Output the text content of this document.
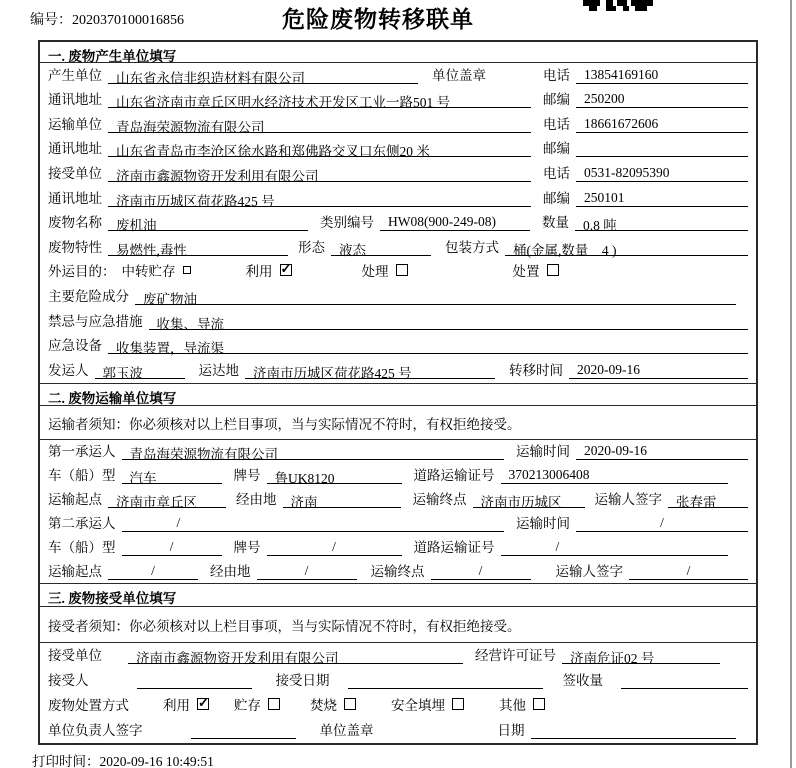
编号：2020370100016856	危险废物转移联单
一. 废物产生单位填写
产生单位	山东省永信非织造材料有限公司	单位盖章	电话	13854169160
通讯地址	山东省济南市章丘区明水经济技术开发区工业一路501 号	邮编	250200
运输单位	青岛海荣源物流有限公司	电话	18661672606
通讯地址	山东省青岛市李沧区徐水路和郑佛路交叉口东侧20 米	邮编
接受单位	济南市鑫源物资开发利用有限公司	电话	0531-82095390
通讯地址	济南市历城区荷花路425 号	邮编	250101
废物名称	废机油	类别编号	HW08(900-249-08)	数量	0.8 吨
废物特性	易燃性,毒性	形态	液态	包装方式	桶(金属,数量　4 )
外运目的： 中转贮存	利用 ✓	处理	处置
主要危险成分	废矿物油
禁忌与应急措施	收集、导流
应急设备	收集装置，导流渠
发运人	郭玉波	运达地	济南市历城区荷花路425 号	转移时间	2020-09-16
二. 废物运输单位填写
运输者须知：你必须核对以上栏目事项，当与实际情况不符时，有权拒绝接受。
第一承运人	青岛海荣源物流有限公司	运输时间	2020-09-16
车（船）型	汽车	牌号	鲁UK8120	道路运输证号	370213006408
运输起点	济南市章丘区	经由地	济南	运输终点	济南市历城区	运输人签字	张春雷
第二承运人	/	运输时间	/
车（船）型	/	牌号	/	道路运输证号	/
运输起点	/	经由地	/	运输终点	/	运输人签字	/
三. 废物接受单位填写
接受者须知：你必须核对以上栏目事项，当与实际情况不符时，有权拒绝接受。
接受单位	济南市鑫源物资开发利用有限公司	经营许可证号	济南危证02 号
接受人	接受日期	签收量
废物处置方式	利用 ✓	贮存	焚烧	安全填埋	其他
单位负责人签字	单位盖章	日期
打印时间：2020-09-16 10:49:51
